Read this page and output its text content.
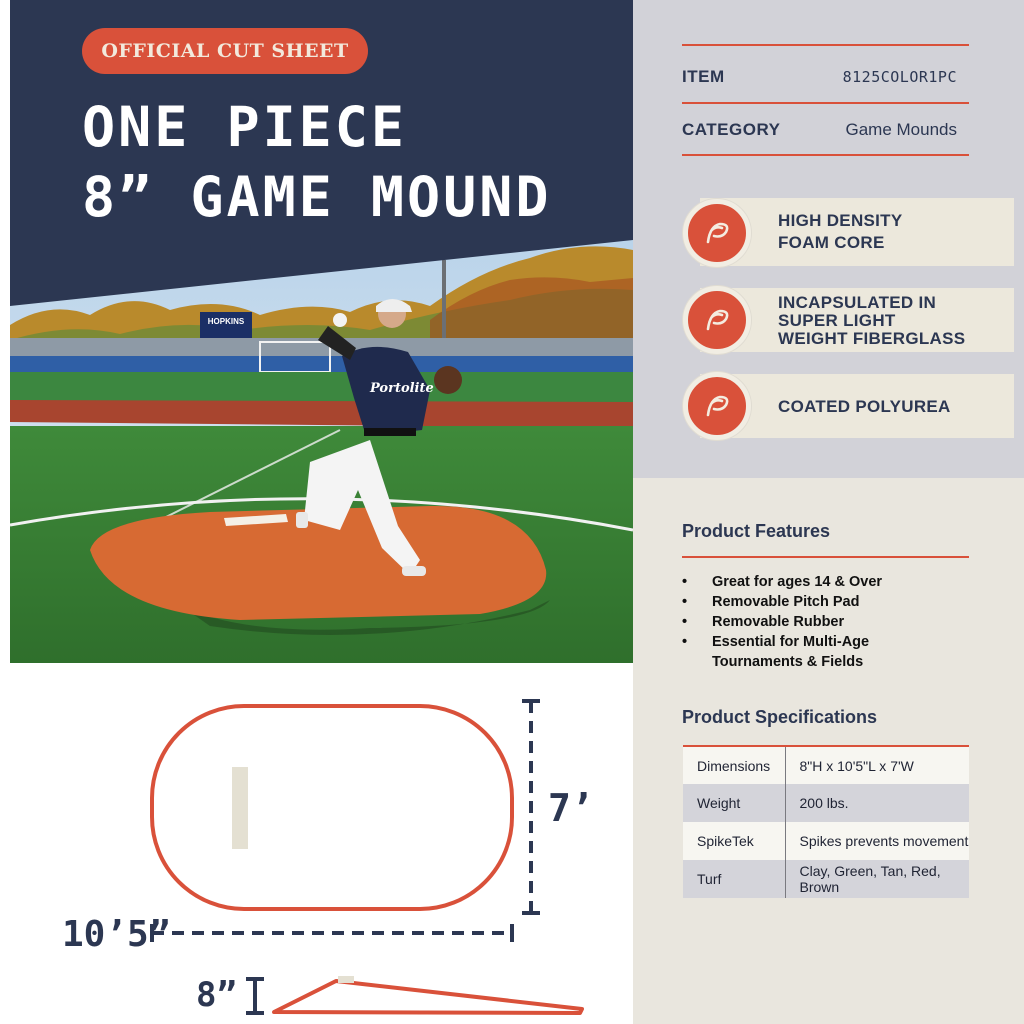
HOPKINS
Portolite
OFFICIAL CUT SHEET
ONE PIECE
8” GAME MOUND
7’
10’5”
8”
ITEM	8125COLOR1PC
CATEGORY	Game Mounds
HIGH DENSITY
FOAM CORE
INCAPSULATED IN
SUPER LIGHT
WEIGHT FIBERGLASS
COATED POLYUREA
Product Features
• Great for ages 14 & Over
• Removable Pitch Pad
• Removable Rubber
• Essential for Multi-Age Tournaments & Fields
Product Specifications
Dimensions	8"H x 10'5"L x 7'W
Weight	200 lbs.
SpikeTek	Spikes prevents movement
Turf	Clay, Green, Tan, Red, Brown
